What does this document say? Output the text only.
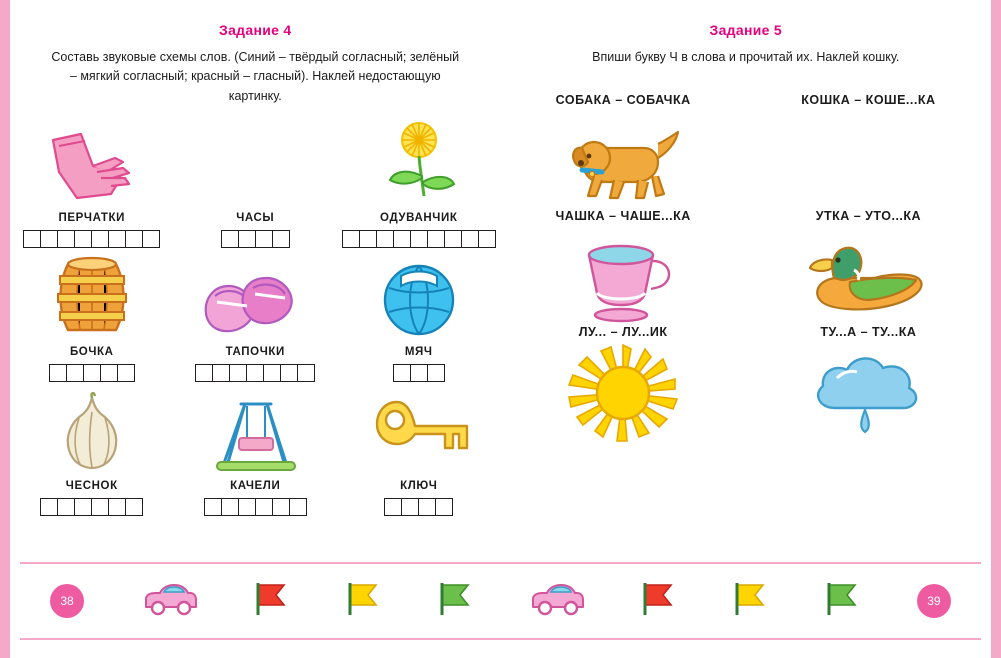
Задание 4
Составь звуковые схемы слов. (Синий – твёрдый согласный; зелёный – мягкий согласный; красный – гласный). Наклей недостающую картинку.
ПЕРЧАТКИ	ЧАСЫ	ОДУВАНЧИК
БОЧКА	ТАПОЧКИ	МЯЧ
ЧЕСНОК	КАЧЕЛИ	КЛЮЧ
Задание 5
Впиши букву Ч в слова и прочитай их. Наклей кошку.
СОБАКА – СОБАЧКА	КОШКА – КОШЕ...КА
ЧАШКА – ЧАШЕ...КА	УТКА – УТО...КА
ЛУ... – ЛУ...ИК	ТУ...А – ТУ...КА
38	39
